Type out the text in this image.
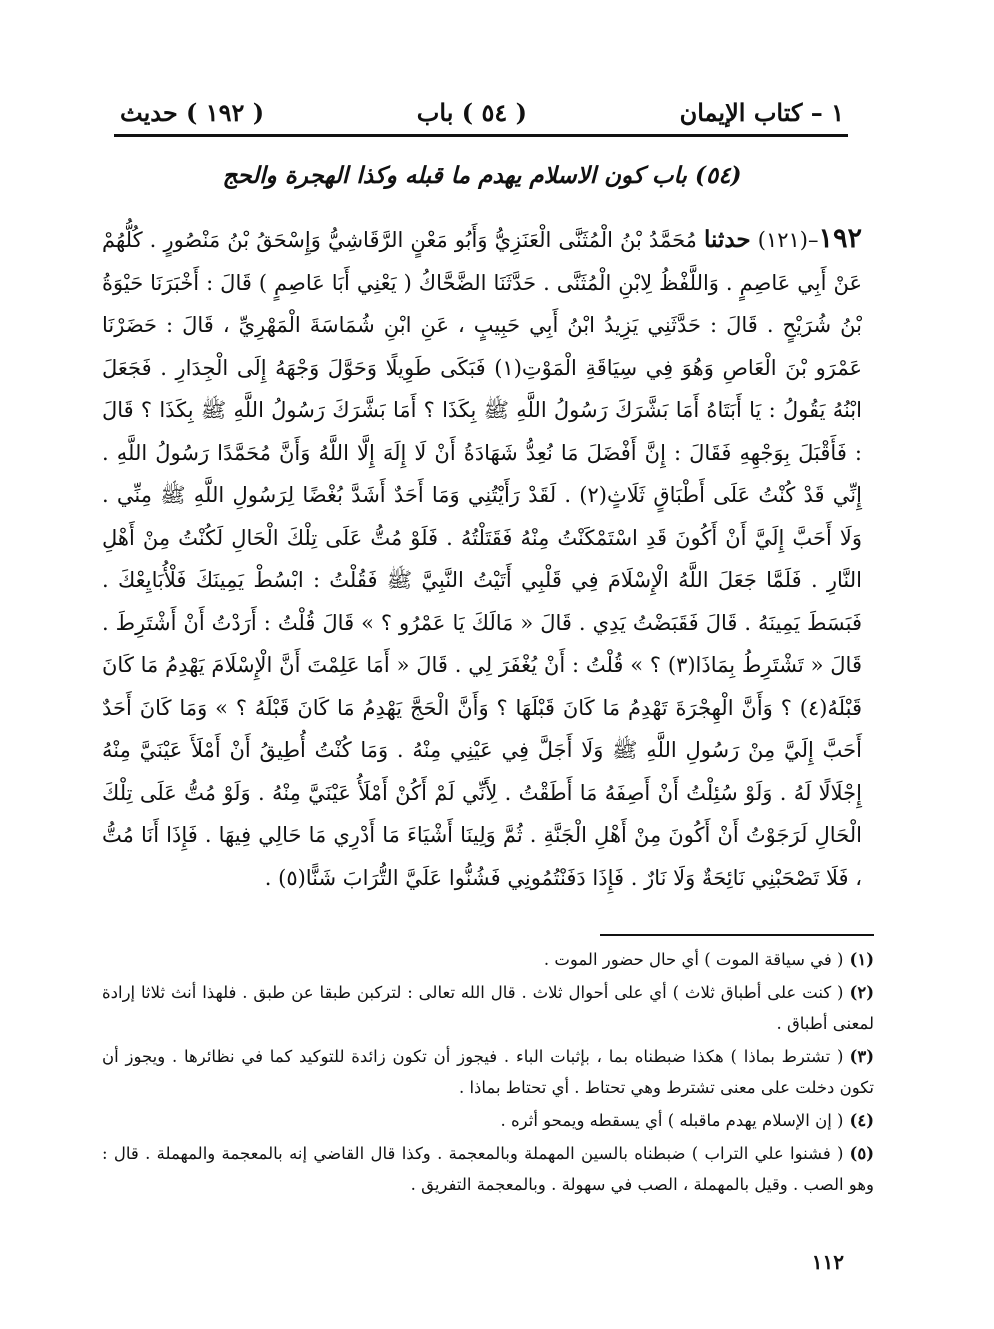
١ – كتاب الإيمان
( ٥٤ ) باب
( ١٩٢ ) حديث
(٥٤) باب كون الاسلام يهدم ما قبله وكذا الهجرة والحج

١٩٢–(١٢١) حدثنا مُحَمَّدُ بْنُ الْمُثَنَّى الْعَنَزِيُّ وَأَبُو مَعْنٍ الرَّقَاشِيُّ وَإِسْحَقُ بْنُ مَنْصُورٍ . كُلُّهُمْ عَنْ أَبِي عَاصِمٍ . وَاللَّفْظُ لِابْنِ الْمُثَنَّى . حَدَّثَنَا الضَّحَّاكُ ( يَعْنِي أَبَا عَاصِمٍ ) قَالَ : أَخْبَرَنَا حَيْوَةُ بْنُ شُرَيْحٍ . قَالَ : حَدَّثَنِي يَزِيدُ ابْنُ أَبِي حَبِيبٍ ، عَنِ ابْنِ شُمَاسَةَ الْمَهْرِيِّ ، قَالَ : حَضَرْنَا عَمْرَو بْنَ الْعَاصِ وَهُوَ فِي سِيَاقَةِ الْمَوْتِ(١) فَبَكَى طَوِيلًا وَحَوَّلَ وَجْهَهُ إِلَى الْجِدَارِ . فَجَعَلَ ابْنُهُ يَقُولُ : يَا أَبَتَاهُ أَمَا بَشَّرَكَ رَسُولُ اللَّهِ ﷺ بِكَذَا ؟ أَمَا بَشَّرَكَ رَسُولُ اللَّهِ ﷺ بِكَذَا ؟ قَالَ : فَأَقْبَلَ بِوَجْهِهِ فَقَالَ : إِنَّ أَفْضَلَ مَا نُعِدُّ شَهَادَةُ أَنْ لَا إِلَهَ إِلَّا اللَّهُ وَأَنَّ مُحَمَّدًا رَسُولُ اللَّهِ . إِنِّي قَدْ كُنْتُ عَلَى أَطْبَاقٍ ثَلَاثٍ(٢) . لَقَدْ رَأَيْتُنِي وَمَا أَحَدٌ أَشَدَّ بُغْضًا لِرَسُولِ اللَّهِ ﷺ مِنِّي . وَلَا أَحَبَّ إِلَيَّ أَنْ أَكُونَ قَدِ اسْتَمْكَنْتُ مِنْهُ فَقَتَلْتُهُ . فَلَوْ مُتُّ عَلَى تِلْكَ الْحَالِ لَكُنْتُ مِنْ أَهْلِ النَّارِ . فَلَمَّا جَعَلَ اللَّهُ الْإِسْلَامَ فِي قَلْبِي أَتَيْتُ النَّبِيَّ ﷺ فَقُلْتُ : ابْسُطْ يَمِينَكَ فَلْأُبَايِعْكَ . فَبَسَطَ يَمِينَهُ . قَالَ فَقَبَضْتُ يَدِي . قَالَ « مَالَكَ يَا عَمْرُو ؟ » قَالَ قُلْتُ : أَرَدْتُ أَنْ أَشْتَرِطَ . قَالَ « تَشْتَرِطُ بِمَاذَا(٣) ؟ » قُلْتُ : أَنْ يُغْفَرَ لِي . قَالَ « أَمَا عَلِمْتَ أَنَّ الْإِسْلَامَ يَهْدِمُ مَا كَانَ قَبْلَهُ(٤) ؟ وَأَنَّ الْهِجْرَةَ تَهْدِمُ مَا كَانَ قَبْلَهَا ؟ وَأَنَّ الْحَجَّ يَهْدِمُ مَا كَانَ قَبْلَهُ ؟ » وَمَا كَانَ أَحَدٌ أَحَبَّ إِلَيَّ مِنْ رَسُولِ اللَّهِ ﷺ وَلَا أَجَلَّ فِي عَيْنِي مِنْهُ . وَمَا كُنْتُ أُطِيقُ أَنْ أَمْلَأَ عَيْنَيَّ مِنْهُ إِجْلَالًا لَهُ . وَلَوْ سُئِلْتُ أَنْ أَصِفَهُ مَا أَطَقْتُ . لِأَنِّي لَمْ أَكُنْ أَمْلَأُ عَيْنَيَّ مِنْهُ . وَلَوْ مُتُّ عَلَى تِلْكَ الْحَالِ لَرَجَوْتُ أَنْ أَكُونَ مِنْ أَهْلِ الْجَنَّةِ . ثُمَّ وَلِينَا أَشْيَاءَ مَا أَدْرِي مَا حَالِي فِيهَا . فَإِذَا أَنَا مُتُّ ، فَلَا تَصْحَبْنِي نَائِحَةٌ وَلَا نَارٌ . فَإِذَا دَفَنْتُمُونِي فَشُنُّوا عَلَيَّ التُّرَابَ شَنًّا(٥) .

(١)( في سياقة الموت ) أي حال حضور الموت .

(٢)( كنت على أطباق ثلاث ) أي على أحوال ثلاث . قال الله تعالى : لتركبن طبقا عن طبق . فلهذا أنث ثلاثا إرادة لمعنى أطباق .

(٣)( تشترط بماذا ) هكذا ضبطناه بما ، بإثبات الباء . فيجوز أن تكون زائدة للتوكيد كما في نظائرها . ويجوز أن تكون دخلت على معنى تشترط وهي تحتاط . أي تحتاط بماذا .

(٤)( إن الإسلام يهدم ماقبله ) أي يسقطه ويمحو أثره .

(٥)( فشنوا علي التراب ) ضبطناه بالسين المهملة وبالمعجمة . وكذا قال القاضي إنه بالمعجمة والمهملة . قال : وهو الصب . وقيل بالمهملة ، الصب في سهولة . وبالمعجمة التفريق .

١١٢
